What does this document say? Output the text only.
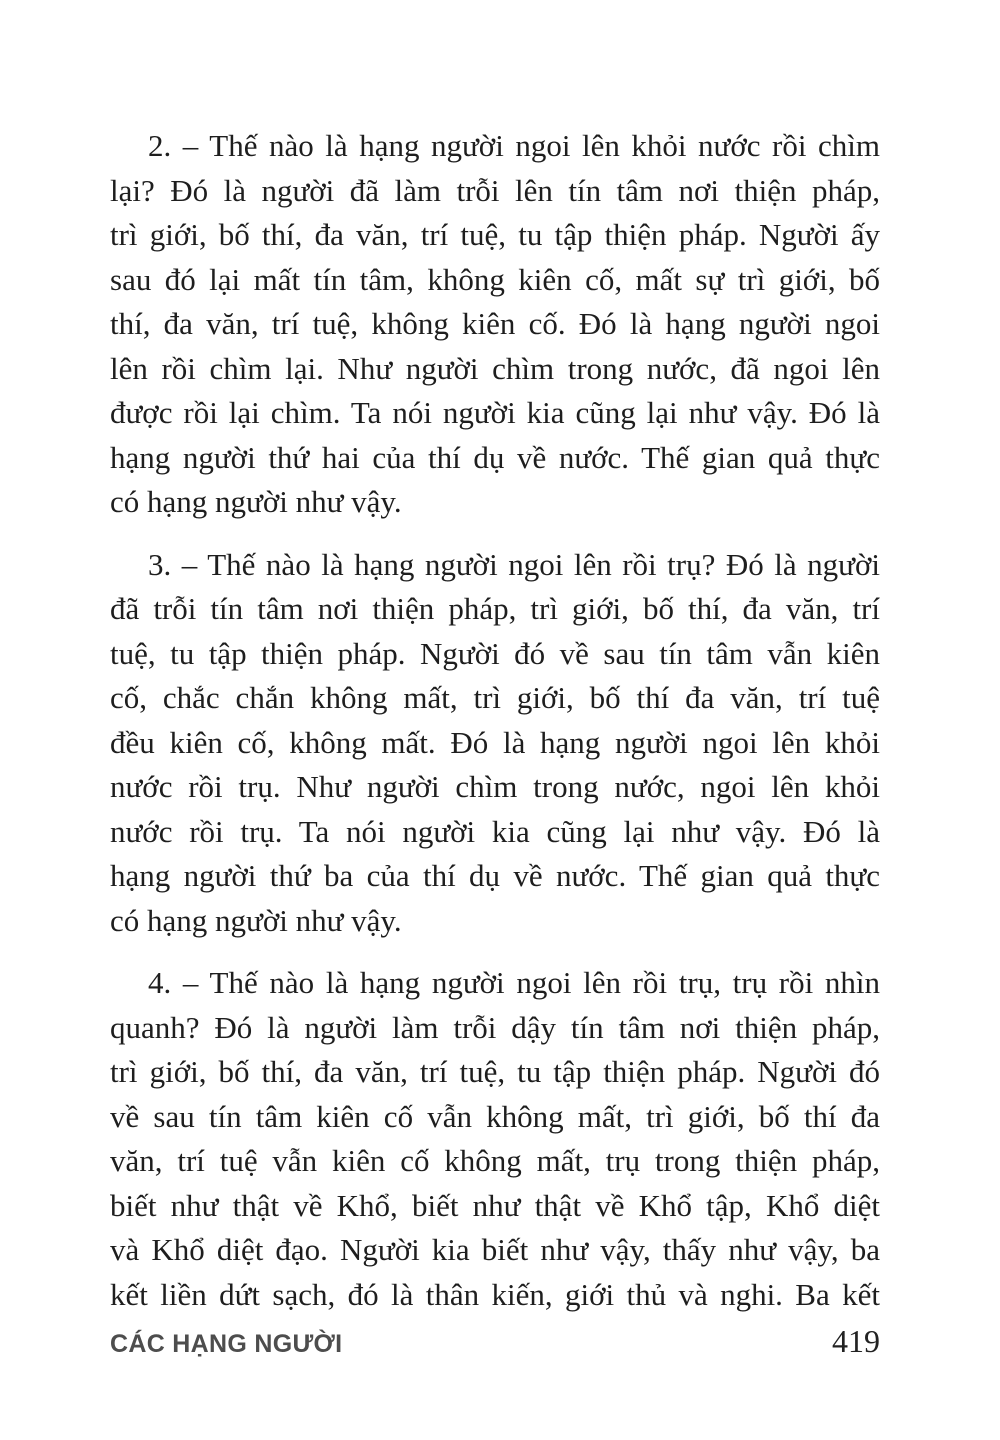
2. – Thế nào là hạng người ngoi lên khỏi nước rồi chìm
lại? Đó là người đã làm trỗi lên tín tâm nơi thiện pháp,
trì giới, bố thí, đa văn, trí tuệ, tu tập thiện pháp. Người ấy
sau đó lại mất tín tâm, không kiên cố, mất sự trì giới, bố
thí, đa văn, trí tuệ, không kiên cố. Đó là hạng người ngoi
lên rồi chìm lại. Như người chìm trong nước, đã ngoi lên
được rồi lại chìm. Ta nói người kia cũng lại như vậy. Đó là
hạng người thứ hai của thí dụ về nước. Thế gian quả thực
có hạng người như vậy.
3. – Thế nào là hạng người ngoi lên rồi trụ? Đó là người
đã trỗi tín tâm nơi thiện pháp, trì giới, bố thí, đa văn, trí
tuệ, tu tập thiện pháp. Người đó về sau tín tâm vẫn kiên
cố, chắc chắn không mất, trì giới, bố thí đa văn, trí tuệ
đều kiên cố, không mất. Đó là hạng người ngoi lên khỏi
nước rồi trụ. Như người chìm trong nước, ngoi lên khỏi
nước rồi trụ. Ta nói người kia cũng lại như vậy. Đó là
hạng người thứ ba của thí dụ về nước. Thế gian quả thực
có hạng người như vậy.
4. – Thế nào là hạng người ngoi lên rồi trụ, trụ rồi nhìn
quanh? Đó là người làm trỗi dậy tín tâm nơi thiện pháp,
trì giới, bố thí, đa văn, trí tuệ, tu tập thiện pháp. Người đó
về sau tín tâm kiên cố vẫn không mất, trì giới, bố thí đa
văn, trí tuệ vẫn kiên cố không mất, trụ trong thiện pháp,
biết như thật về Khổ, biết như thật về Khổ tập, Khổ diệt
và Khổ diệt đạo. Người kia biết như vậy, thấy như vậy, ba
kết liền dứt sạch, đó là thân kiến, giới thủ và nghi. Ba kết
CÁC HẠNG NGƯỜI	419
